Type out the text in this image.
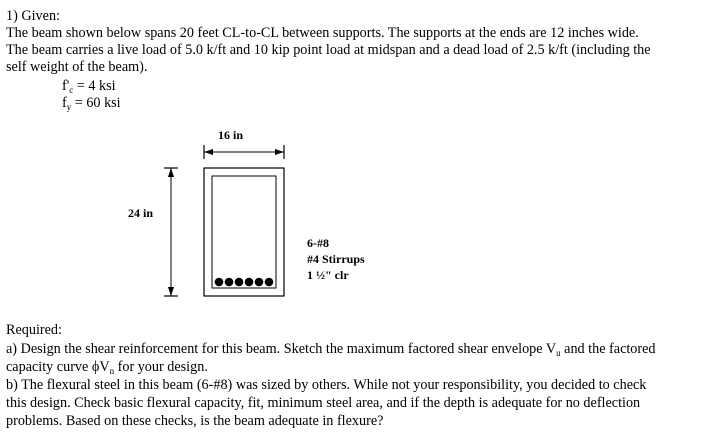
1) Given:
The beam shown below spans 20 feet CL-to-CL between supports. The supports at the ends are 12 inches wide.
The beam carries a live load of 5.0 k/ft and 10 kip point load at midspan and a dead load of 2.5 k/ft (including the
self weight of the beam).
$f'_c = 4$ ksi
$f_y = 60$ ksi
16 in
24 in
6-#8
#4 Stirrups
1 ½" clr
Required:
a) Design the shear reinforcement for this beam. Sketch the maximum factored shear envelope $V_u$ and the factored
capacity curve $\phi V_n$ for your design.
b) The flexural steel in this beam (6-#8) was sized by others. While not your responsibility, you decided to check
this design. Check basic flexural capacity, fit, minimum steel area, and if the depth is adequate for no deflection
problems. Based on these checks, is the beam adequate in flexure?
